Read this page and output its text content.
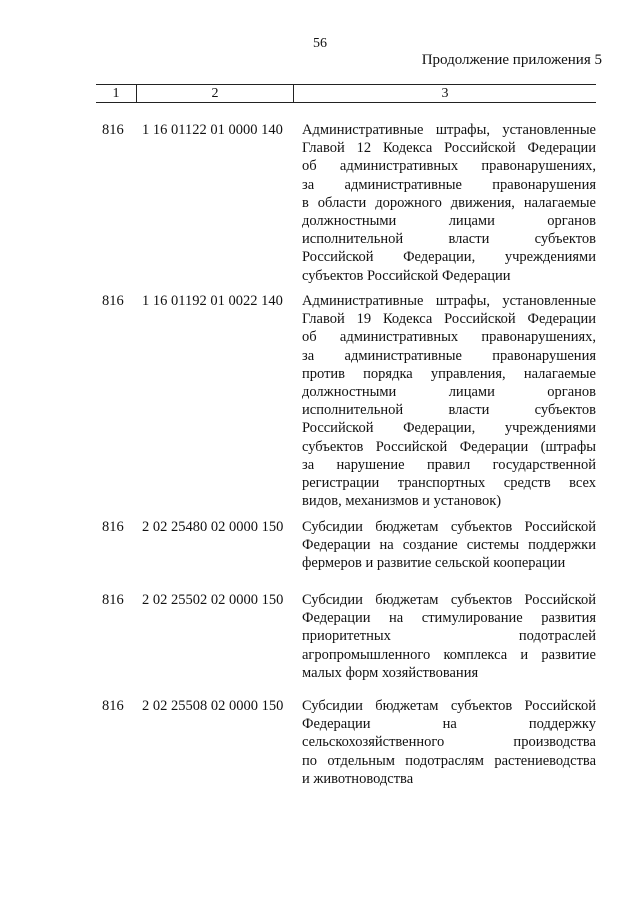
56
Продолжение приложения 5
1	2	3
816	1 16 01122 01 0000 140	Административные штрафы, установленные
Главой 12 Кодекса Российской Федерации
об административных правонарушениях,
за административные правонарушения
в области дорожного движения, налагаемые
должностными лицами органов
исполнительной власти субъектов
Российской Федерации, учреждениями
субъектов Российской Федерации
816	1 16 01192 01 0022 140	Административные штрафы, установленные
Главой 19 Кодекса Российской Федерации
об административных правонарушениях,
за административные правонарушения
против порядка управления, налагаемые
должностными лицами органов
исполнительной власти субъектов
Российской Федерации, учреждениями
субъектов Российской Федерации (штрафы
за нарушение правил государственной
регистрации транспортных средств всех
видов, механизмов и установок)
816	2 02 25480 02 0000 150	Субсидии бюджетам субъектов Российской
Федерации на создание системы поддержки
фермеров и развитие сельской кооперации
816	2 02 25502 02 0000 150	Субсидии бюджетам субъектов Российской
Федерации на стимулирование развития
приоритетных подотраслей
агропромышленного комплекса и развитие
малых форм хозяйствования
816	2 02 25508 02 0000 150	Субсидии бюджетам субъектов Российской
Федерации на поддержку
сельскохозяйственного производства
по отдельным подотраслям растениеводства
и животноводства
